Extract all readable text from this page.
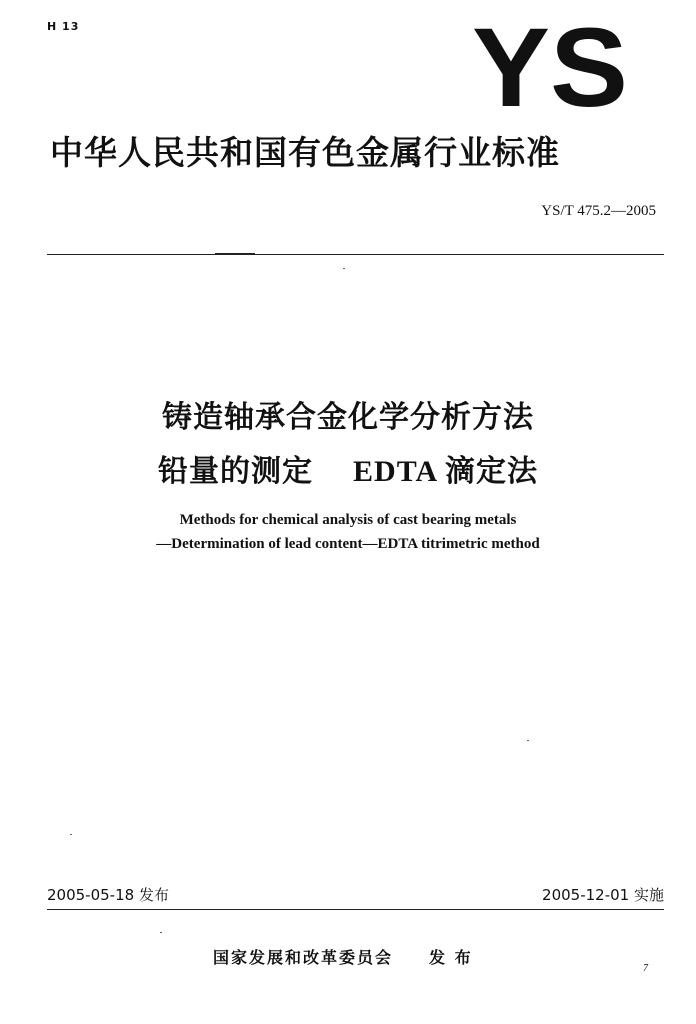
H 13	YS
中华人民共和国有色金属行业标准
YS/T 475.2—2005
铸造轴承合金化学分析方法
铅量的测定 EDTA 滴定法
Methods for chemical analysis of cast bearing metals
—Determination of lead content—EDTA titrimetric method
2005-05-18 发布	2005-12-01 实施
国家发展和改革委员会 发 布
7
